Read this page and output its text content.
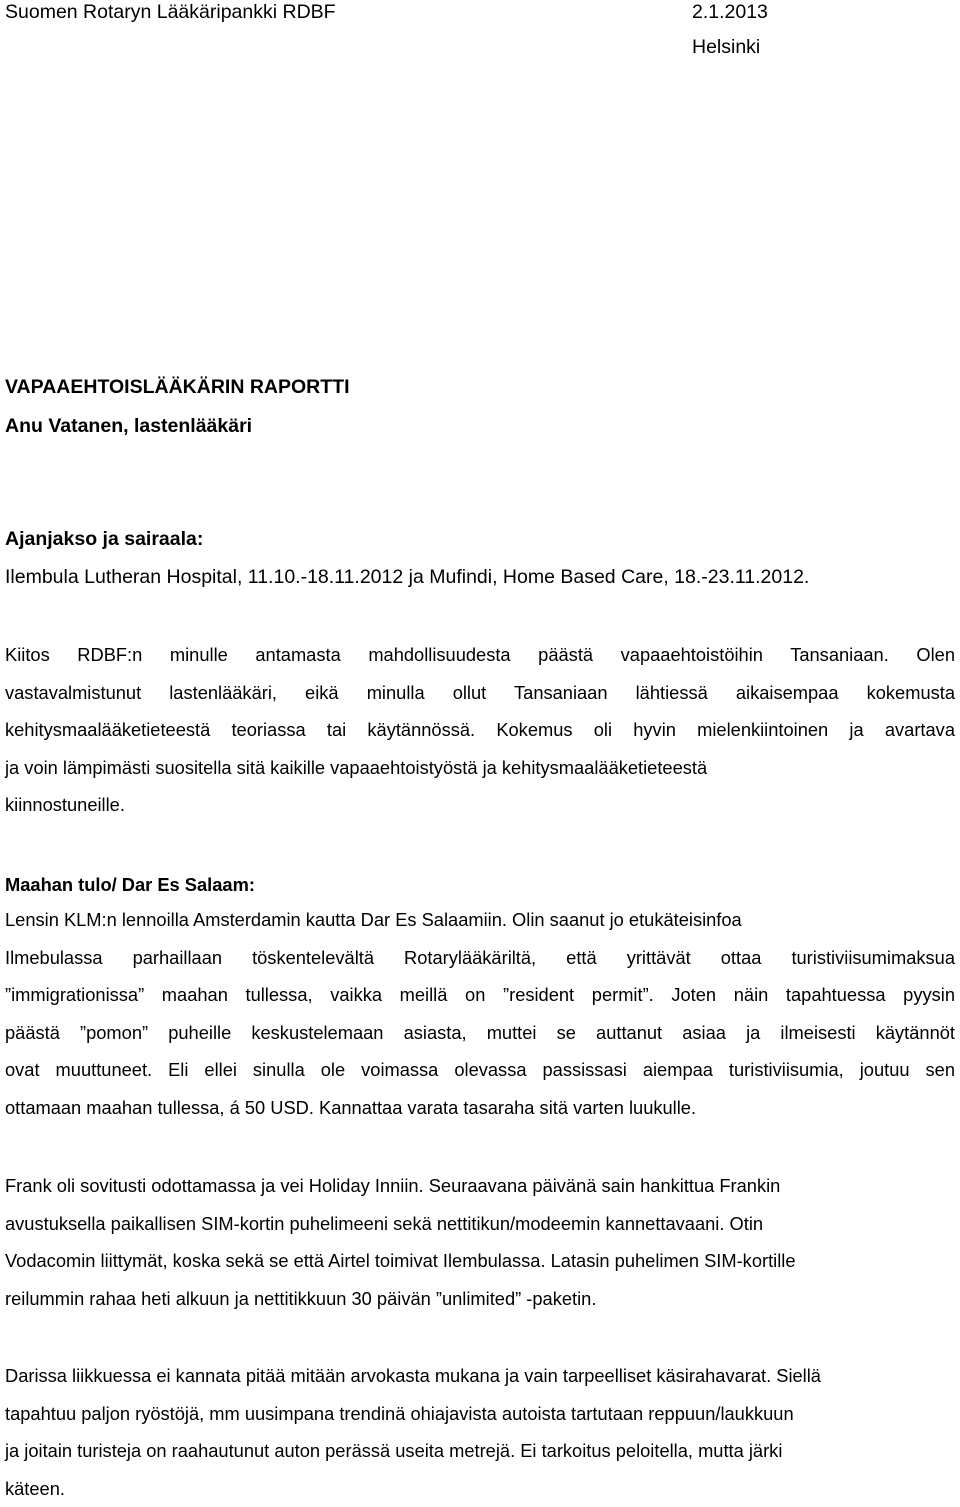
Suomen Rotaryn Lääkäripankki RDBF	2.1.2013
Helsinki
VAPAAEHTOISLÄÄKÄRIN RAPORTTI
Anu Vatanen, lastenlääkäri
Ajanjakso ja sairaala:
Ilembula Lutheran Hospital, 11.10.-18.11.2012 ja Mufindi, Home Based Care, 18.-23.11.2012.
Kiitos RDBF:n minulle antamasta mahdollisuudesta päästä vapaaehtoistöihin Tansaniaan. Olen
vastavalmistunut lastenlääkäri, eikä minulla ollut Tansaniaan lähtiessä aikaisempaa kokemusta
kehitysmaalääketieteestä teoriassa tai käytännössä. Kokemus oli hyvin mielenkiintoinen ja avartava
ja voin lämpimästi suositella sitä kaikille vapaaehtoistyöstä ja kehitysmaalääketieteestä
kiinnostuneille.
Maahan tulo/ Dar Es Salaam:
Lensin KLM:n lennoilla Amsterdamin kautta Dar Es Salaamiin. Olin saanut jo etukäteisinfoa
Ilmebulassa parhaillaan töskentelevältä Rotarylääkäriltä, että yrittävät ottaa turistiviisumimaksua
”immigrationissa” maahan tullessa, vaikka meillä on ”resident permit”. Joten näin tapahtuessa pyysin
päästä ”pomon” puheille keskustelemaan asiasta, muttei se auttanut asiaa ja ilmeisesti käytännöt
ovat muuttuneet. Eli ellei sinulla ole voimassa olevassa passissasi aiempaa turistiviisumia, joutuu sen
ottamaan maahan tullessa, á 50 USD. Kannattaa varata tasaraha sitä varten luukulle.
Frank oli sovitusti odottamassa ja vei Holiday Inniin. Seuraavana päivänä sain hankittua Frankin
avustuksella paikallisen SIM-kortin puhelimeeni sekä nettitikun/modeemin kannettavaani. Otin
Vodacomin liittymät, koska sekä se että Airtel toimivat Ilembulassa. Latasin puhelimen SIM-kortille
reilummin rahaa heti alkuun ja nettitikkuun 30 päivän ”unlimited” -paketin.
Darissa liikkuessa ei kannata pitää mitään arvokasta mukana ja vain tarpeelliset käsirahavarat. Siellä
tapahtuu paljon ryöstöjä, mm uusimpana trendinä ohiajavista autoista tartutaan reppuun/laukkuun
ja joitain turisteja on raahautunut auton perässä useita metrejä. Ei tarkoitus peloitella, mutta järki
käteen.
